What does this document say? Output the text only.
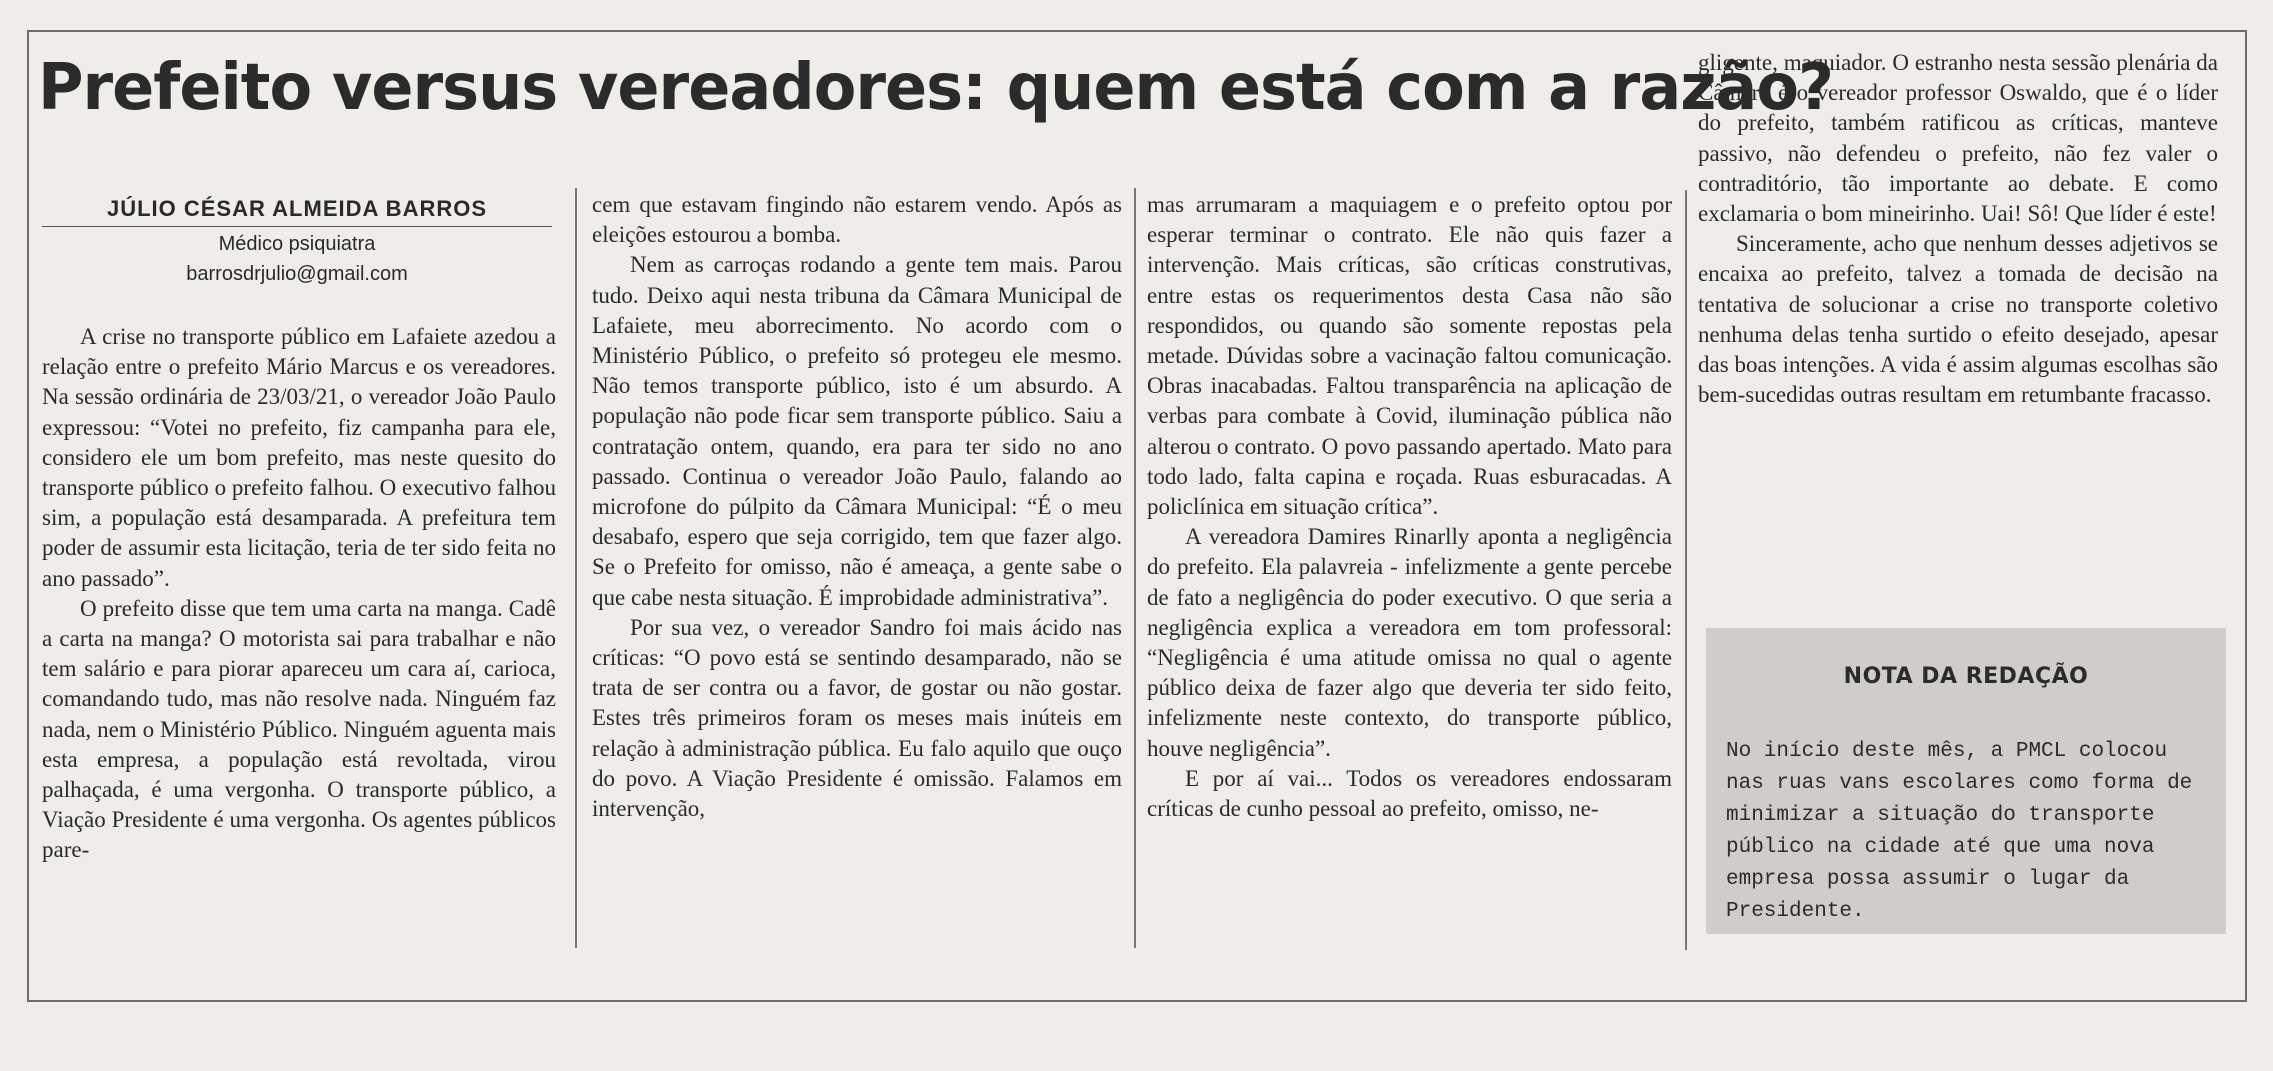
Prefeito versus vereadores: quem está com a razão?
JÚLIO CÉSAR ALMEIDA BARROS
Médico psiquiatra
barrosdrjulio@gmail.com

A crise no transporte público em Lafaiete azedou a relação entre o prefeito Mário Marcus e os vereadores. Na sessão ordinária de 23/03/21, o vereador João Paulo expressou: “Votei no prefeito, fiz campanha para ele, considero ele um bom prefeito, mas neste quesito do transporte público o prefeito falhou. O executivo falhou sim, a população está desamparada. A prefeitura tem poder de assumir esta licitação, teria de ter sido feita no ano passado”.

O prefeito disse que tem uma carta na manga. Cadê a carta na manga? O motorista sai para trabalhar e não tem salário e para piorar apareceu um cara aí, carioca, comandando tudo, mas não resolve nada. Ninguém faz nada, nem o Ministério Público. Ninguém aguenta mais esta empresa, a população está revoltada, virou palhaçada, é uma vergonha. O transporte público, a Viação Presidente é uma vergonha. Os agentes públicos pare-

cem que estavam fingindo não estarem vendo. Após as eleições estourou a bomba.

Nem as carroças rodando a gente tem mais. Parou tudo. Deixo aqui nesta tribuna da Câmara Municipal de Lafaiete, meu aborrecimento. No acordo com o Ministério Público, o prefeito só protegeu ele mesmo. Não temos transporte público, isto é um absurdo. A população não pode ficar sem transporte público. Saiu a contratação ontem, quando, era para ter sido no ano passado. Continua o vereador João Paulo, falando ao microfone do púlpito da Câmara Municipal: “É o meu desabafo, espero que seja corrigido, tem que fazer algo. Se o Prefeito for omisso, não é ameaça, a gente sabe o que cabe nesta situação. É improbidade administrativa”.

Por sua vez, o vereador Sandro foi mais ácido nas críticas: “O povo está se sentindo desamparado, não se trata de ser contra ou a favor, de gostar ou não gostar. Estes três primeiros foram os meses mais inúteis em relação à administração pública. Eu falo aquilo que ouço do povo. A Viação Presidente é omissão. Falamos em intervenção,

mas arrumaram a maquiagem e o prefeito optou por esperar terminar o contrato. Ele não quis fazer a intervenção. Mais críticas, são críticas construtivas, entre estas os requerimentos desta Casa não são respondidos, ou quando são somente repostas pela metade. Dúvidas sobre a vacinação faltou comunicação. Obras inacabadas. Faltou transparência na aplicação de verbas para combate à Covid, iluminação pública não alterou o contrato. O povo passando apertado. Mato para todo lado, falta capina e roçada. Ruas esburacadas. A policlínica em situação crítica”.

A vereadora Damires Rinarlly aponta a negligência do prefeito. Ela palavreia - infelizmente a gente percebe de fato a negligência do poder executivo. O que seria a negligência explica a vereadora em tom professoral: “Negligência é uma atitude omissa no qual o agente público deixa de fazer algo que deveria ter sido feito, infelizmente neste contexto, do transporte público, houve negligência”.

E por aí vai... Todos os vereadores endossaram críticas de cunho pessoal ao prefeito, omisso, ne-

gligente, maquiador. O estranho nesta sessão plenária da Câmara é o vereador professor Oswaldo, que é o líder do prefeito, também ratificou as críticas, manteve passivo, não defendeu o prefeito, não fez valer o contraditório, tão importante ao debate. E como exclamaria o bom mineirinho. Uai! Sô! Que líder é este!

Sinceramente, acho que nenhum desses adjetivos se encaixa ao prefeito, talvez a tomada de decisão na tentativa de solucionar a crise no transporte coletivo nenhuma delas tenha surtido o efeito desejado, apesar das boas intenções. A vida é assim algumas escolhas são bem-sucedidas outras resultam em retumbante fracasso.

NOTA DA REDAÇÃO
No início deste mês, a PMCL colocou nas ruas vans escolares como forma de minimizar a situação do transporte público na cidade até que uma nova empresa possa assumir o lugar da Presidente.
